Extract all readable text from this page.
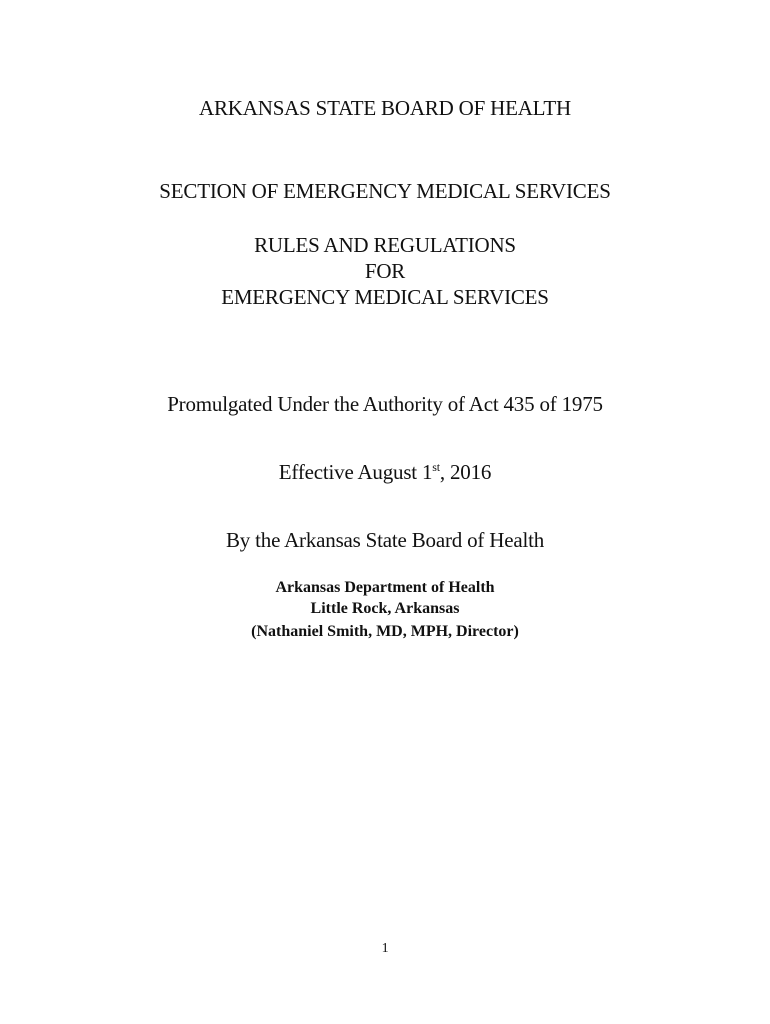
ARKANSAS STATE BOARD OF HEALTH
SECTION OF EMERGENCY MEDICAL SERVICES
RULES AND REGULATIONS
FOR
EMERGENCY MEDICAL SERVICES
Promulgated Under the Authority of Act 435 of 1975
Effective August 1st, 2016
By the Arkansas State Board of Health
Arkansas Department of Health
Little Rock, Arkansas
(Nathaniel Smith, MD, MPH, Director)
1
